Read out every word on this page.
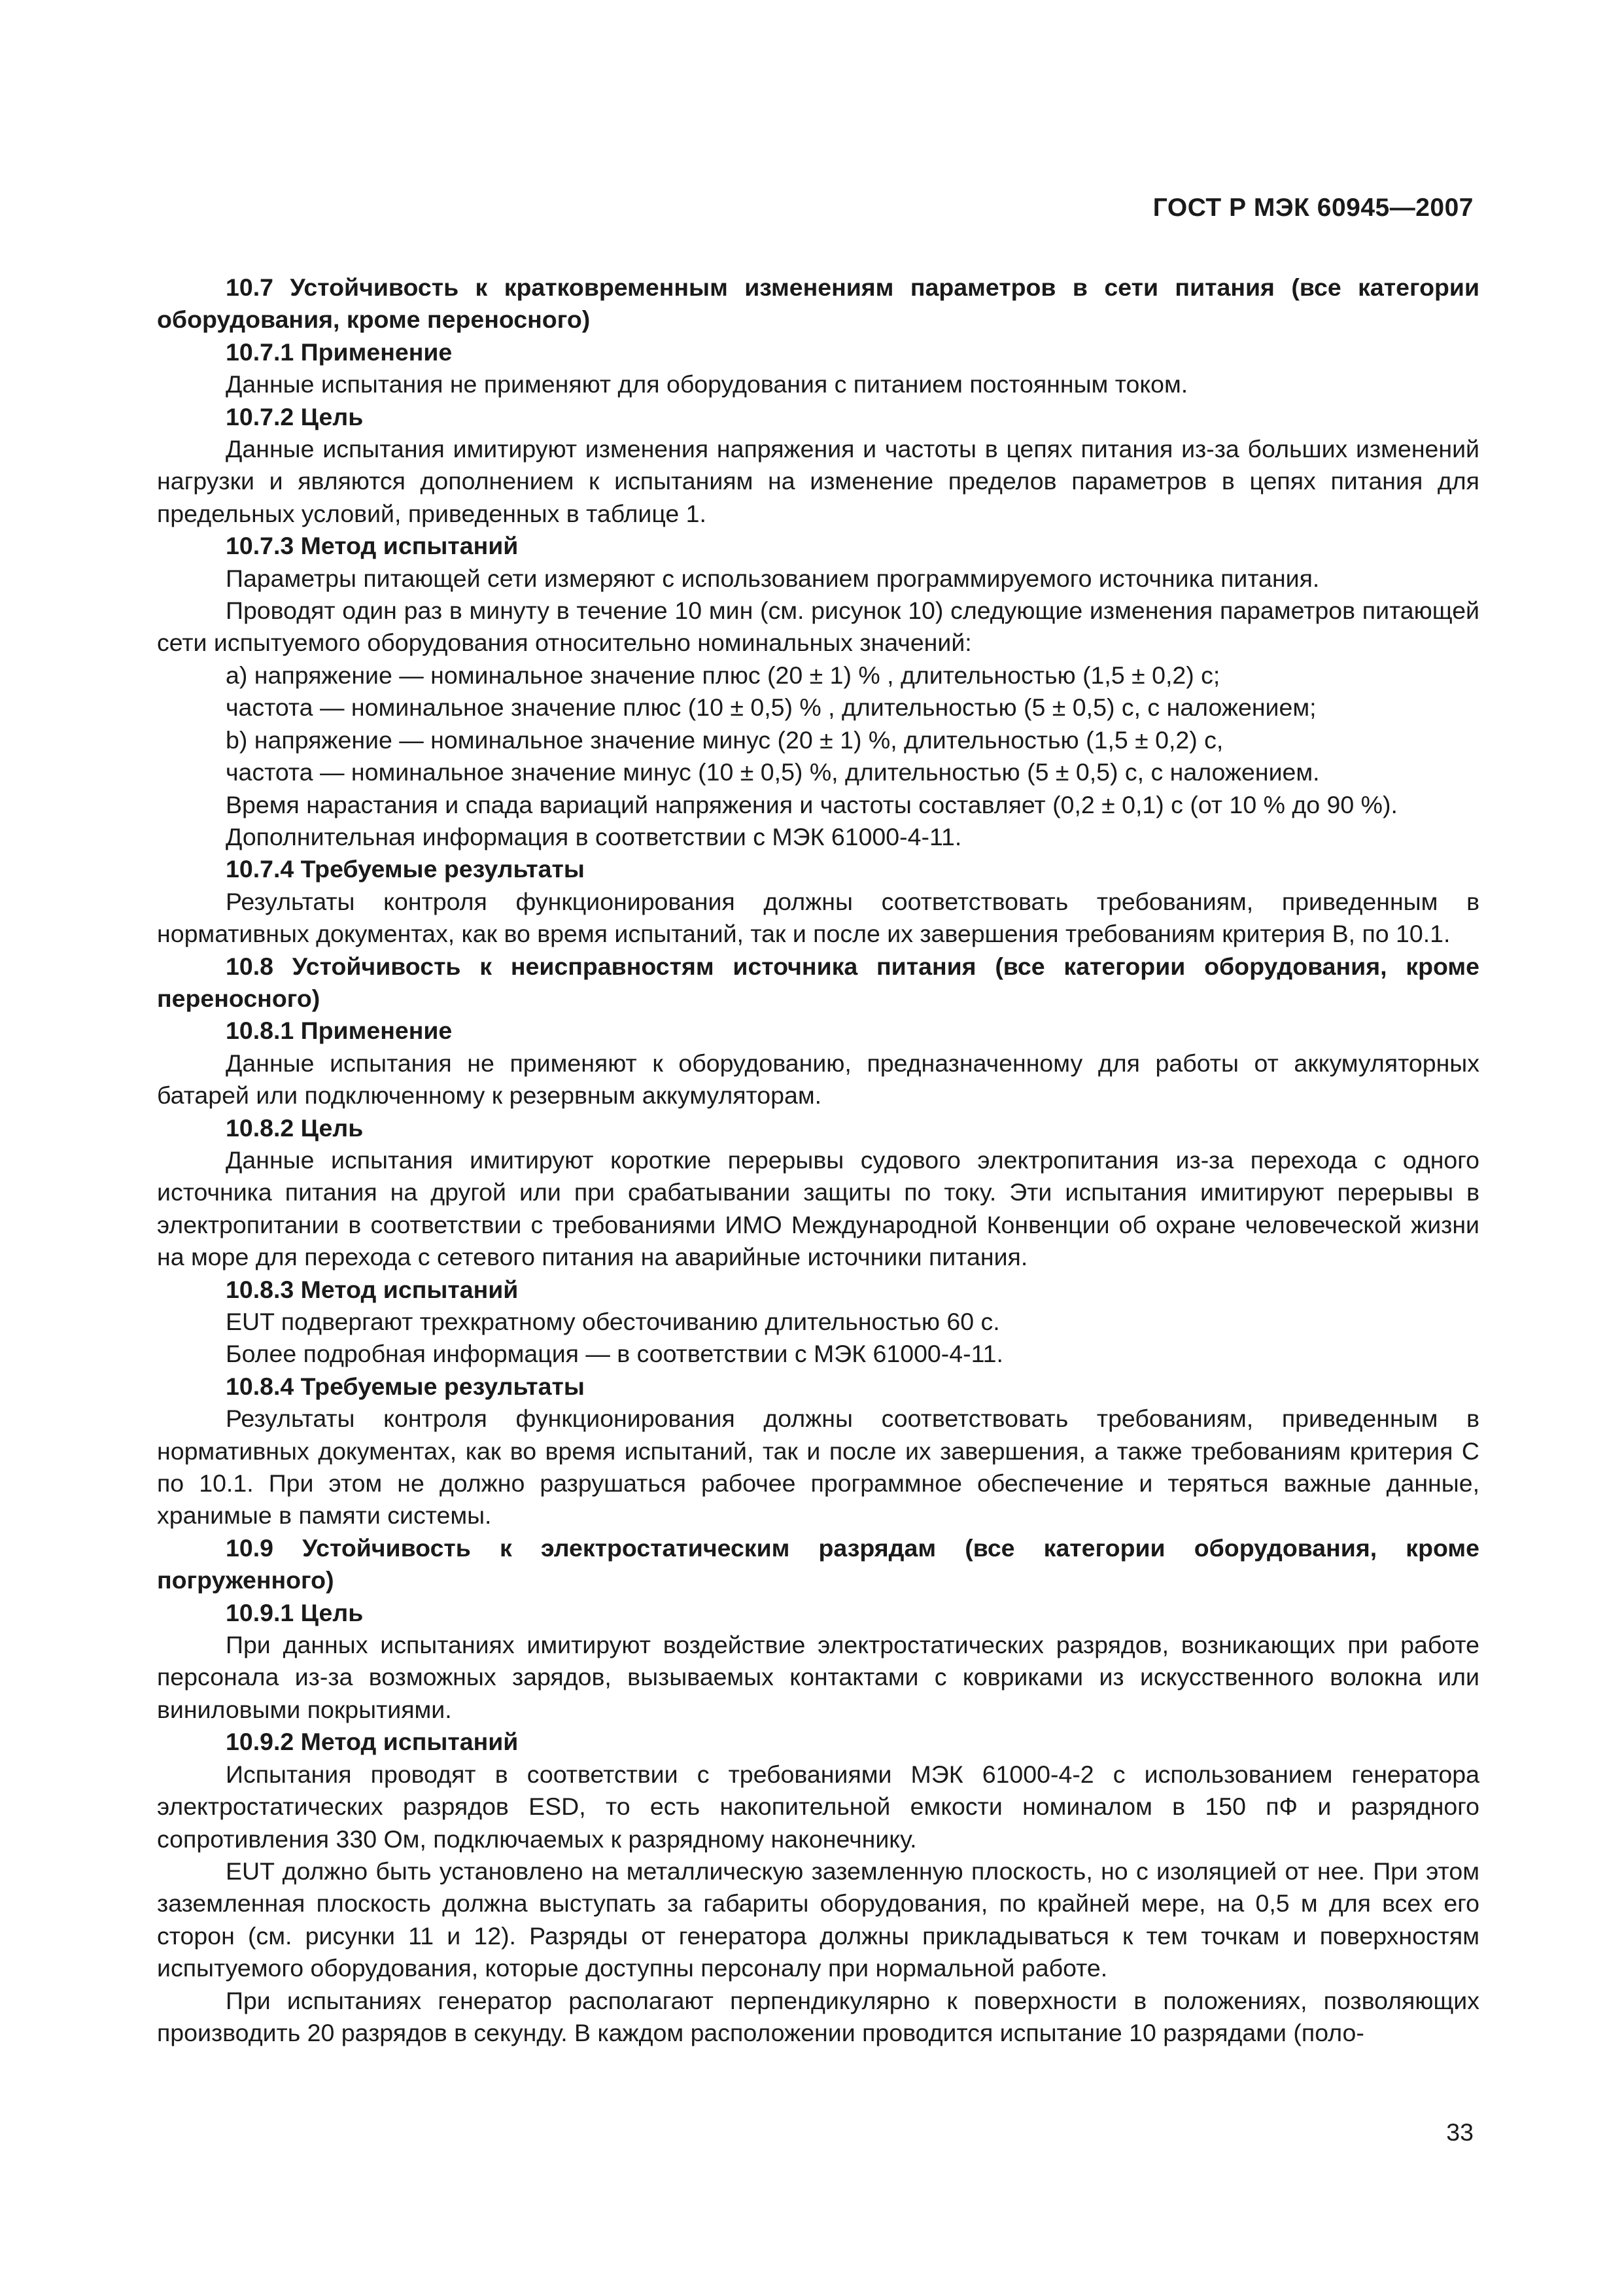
ГОСТ Р МЭК 60945—2007

10.7 Устойчивость к кратковременным изменениям параметров в сети питания (все категории оборудования, кроме переносного)

10.7.1 Применение

Данные испытания не применяют для оборудования с питанием постоянным током.

10.7.2 Цель

Данные испытания имитируют изменения напряжения и частоты в цепях питания из-за больших изменений нагрузки и являются дополнением к испытаниям на изменение пределов параметров в цепях питания для предельных условий, приведенных в таблице 1.

10.7.3 Метод испытаний

Параметры питающей сети измеряют с использованием программируемого источника питания.

Проводят один раз в минуту в течение 10 мин (см. рисунок 10) следующие изменения параметров питающей сети испытуемого оборудования относительно номинальных значений:

а) напряжение — номинальное значение плюс (20 ± 1) % , длительностью (1,5 ± 0,2) с;

частота — номинальное значение плюс (10 ± 0,5) % , длительностью (5 ± 0,5) с, с наложением;

b) напряжение — номинальное значение минус (20 ± 1) %, длительностью (1,5 ± 0,2) с,

частота — номинальное значение минус (10 ± 0,5) %, длительностью (5 ± 0,5) с, с наложением.

Время нарастания и спада вариаций напряжения и частоты составляет (0,2 ± 0,1) с (от 10 % до 90 %).

Дополнительная информация в соответствии с МЭК 61000-4-11.

10.7.4 Требуемые результаты

Результаты контроля функционирования должны соответствовать требованиям, приведенным в нормативных документах, как во время испытаний, так и после их завершения требованиям критерия В, по 10.1.

10.8 Устойчивость к неисправностям источника питания (все категории оборудования, кроме переносного)

10.8.1 Применение

Данные испытания не применяют к оборудованию, предназначенному для работы от аккумуляторных батарей или подключенному к резервным аккумуляторам.

10.8.2 Цель

Данные испытания имитируют короткие перерывы судового электропитания из-за перехода с одного источника питания на другой или при срабатывании защиты по току. Эти испытания имитируют перерывы в электропитании в соответствии с требованиями ИМО Международной Конвенции об охране человеческой жизни на море для перехода с сетевого питания на аварийные источники питания.

10.8.3 Метод испытаний

EUT подвергают трехкратному обесточиванию длительностью 60 с.

Более подробная информация — в соответствии с МЭК 61000-4-11.

10.8.4 Требуемые результаты

Результаты контроля функционирования должны соответствовать требованиям, приведенным в нормативных документах, как во время испытаний, так и после их завершения, а также требованиям критерия С по 10.1. При этом не должно разрушаться рабочее программное обеспечение и теряться важные данные, хранимые в памяти системы.

10.9 Устойчивость к электростатическим разрядам (все категории оборудования, кроме погруженного)

10.9.1 Цель

При данных испытаниях имитируют воздействие электростатических разрядов, возникающих при работе персонала из-за возможных зарядов, вызываемых контактами с ковриками из искусственного волокна или виниловыми покрытиями.

10.9.2 Метод испытаний

Испытания проводят в соответствии с требованиями МЭК 61000-4-2 с использованием генератора электростатических разрядов ESD, то есть накопительной емкости номиналом в 150 пФ и разрядного сопротивления 330 Ом, подключаемых к разрядному наконечнику.

EUT должно быть установлено на металлическую заземленную плоскость, но с изоляцией от нее. При этом заземленная плоскость должна выступать за габариты оборудования, по крайней мере, на 0,5 м для всех его сторон (см. рисунки 11 и 12). Разряды от генератора должны прикладываться к тем точкам и поверхностям испытуемого оборудования, которые доступны персоналу при нормальной работе.

При испытаниях генератор располагают перпендикулярно к поверхности в положениях, позволяющих производить 20 разрядов в секунду. В каждом расположении проводится испытание 10 разрядами (поло-

33
